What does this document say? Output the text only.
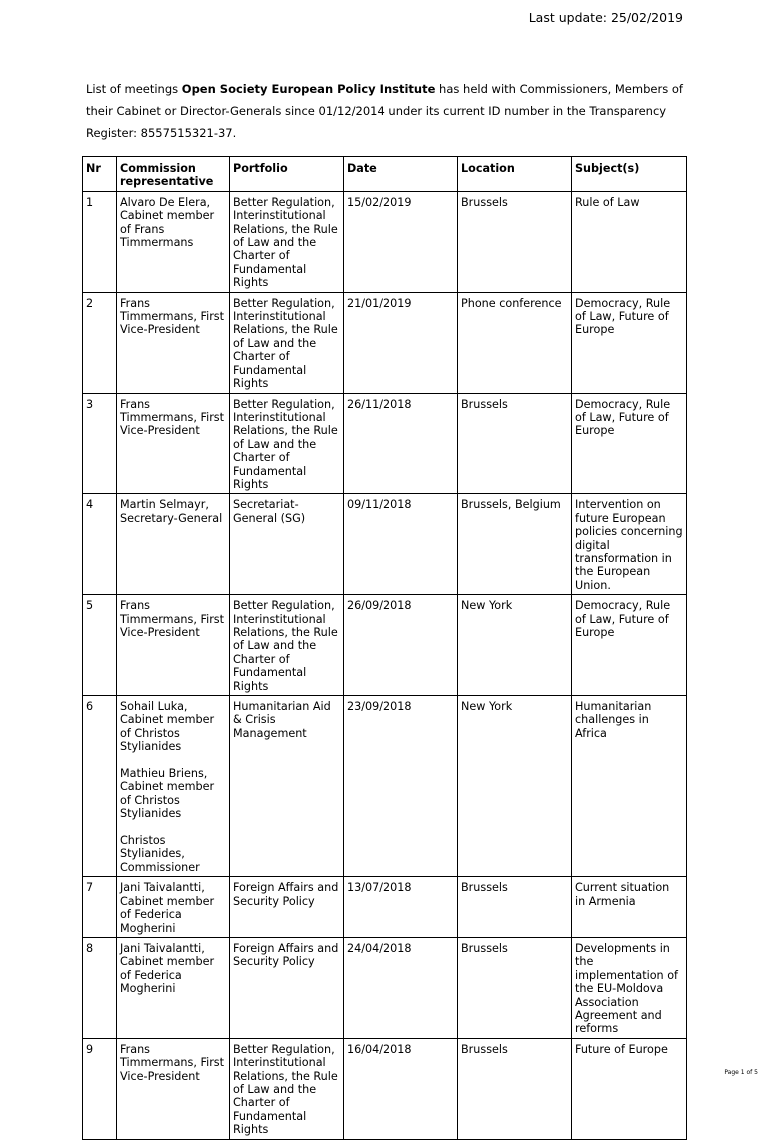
Last update: 25/02/2019

List of meetings Open Society European Policy Institute has held with Commissioners, Members of their Cabinet or Director-Generals since 01/12/2014 under its current ID number in the Transparency Register: 8557515321-37.

Nr	Commission representative	Portfolio	Date	Location	Subject(s)
1	Alvaro De Elera, Cabinet member of Frans Timmermans	Better Regulation, Interinstitutional Relations, the Rule of Law and the Charter of Fundamental Rights	15/02/2019	Brussels	Rule of Law
2	Frans Timmermans, First Vice-President	Better Regulation, Interinstitutional Relations, the Rule of Law and the Charter of Fundamental Rights	21/01/2019	Phone conference	Democracy, Rule of Law, Future of Europe
3	Frans Timmermans, First Vice-President	Better Regulation, Interinstitutional Relations, the Rule of Law and the Charter of Fundamental Rights	26/11/2018	Brussels	Democracy, Rule of Law, Future of Europe
4	Martin Selmayr, Secretary-General	Secretariat-General (SG)	09/11/2018	Brussels, Belgium	Intervention on future European policies concerning digital transformation in the European Union.
5	Frans Timmermans, First Vice-President	Better Regulation, Interinstitutional Relations, the Rule of Law and the Charter of Fundamental Rights	26/09/2018	New York	Democracy, Rule of Law, Future of Europe
6	Sohail Luka, Cabinet member of Christos Stylianides
Mathieu Briens, Cabinet member of Christos Stylianides
Christos Stylianides, Commissioner	Humanitarian Aid & Crisis Management	23/09/2018	New York	Humanitarian challenges in Africa
7	Jani Taivalantti, Cabinet member of Federica Mogherini	Foreign Affairs and Security Policy	13/07/2018	Brussels	Current situation in Armenia
8	Jani Taivalantti, Cabinet member of Federica Mogherini	Foreign Affairs and Security Policy	24/04/2018	Brussels	Developments in the implementation of the EU-Moldova Association Agreement and reforms
9	Frans Timmermans, First Vice-President	Better Regulation, Interinstitutional Relations, the Rule of Law and the Charter of Fundamental Rights	16/04/2018	Brussels	Future of Europe
Page 1 of 5
